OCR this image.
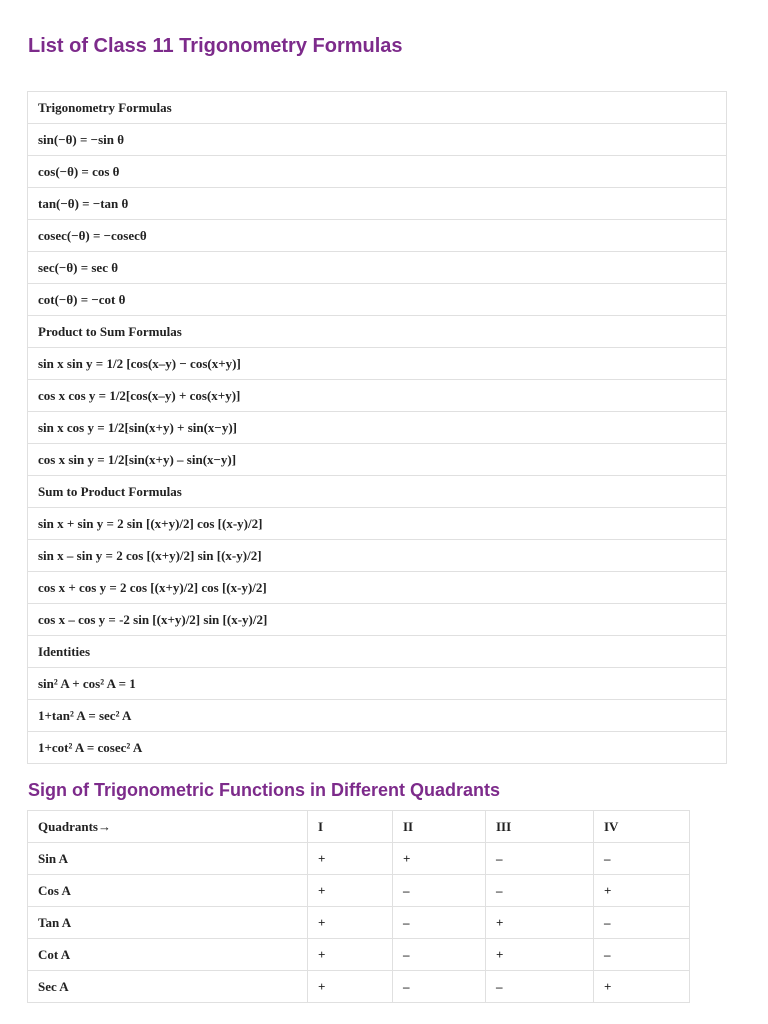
List of Class 11 Trigonometry Formulas
Trigonometry Formulas
sin(−θ) = −sin θ
cos(−θ) = cos θ
tan(−θ) = −tan θ
cosec(−θ) = −cosecθ
sec(−θ) = sec θ
cot(−θ) = −cot θ
Product to Sum Formulas
sin x sin y = 1/2 [cos(x–y) − cos(x+y)]
cos x cos y = 1/2[cos(x–y) + cos(x+y)]
sin x cos y = 1/2[sin(x+y) + sin(x−y)]
cos x sin y = 1/2[sin(x+y) – sin(x−y)]
Sum to Product Formulas
sin x + sin y = 2 sin [(x+y)/2] cos [(x-y)/2]
sin x – sin y = 2 cos [(x+y)/2] sin [(x-y)/2]
cos x + cos y = 2 cos [(x+y)/2] cos [(x-y)/2]
cos x – cos y = -2 sin [(x+y)/2] sin [(x-y)/2]
Identities
sin² A + cos² A = 1
1+tan² A = sec² A
1+cot² A = cosec² A
Sign of Trigonometric Functions in Different Quadrants
Quadrants→	I	II	III	IV
Sin A	+	+	–	–
Cos A	+	–	–	+
Tan A	+	–	+	–
Cot A	+	–	+	–
Sec A	+	–	–	+
